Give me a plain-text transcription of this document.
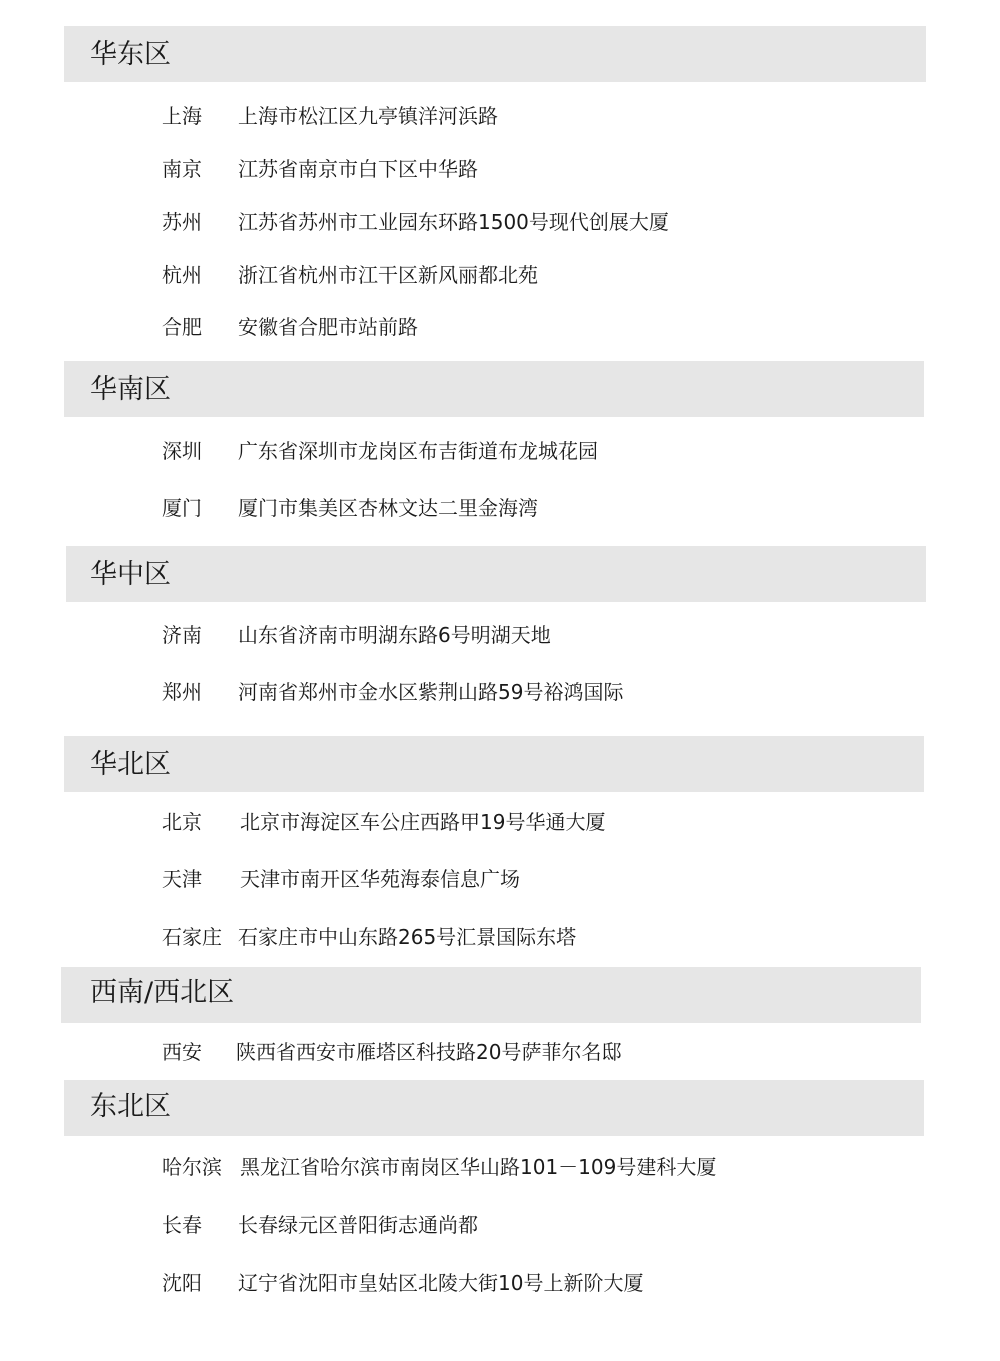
华东区
上海 上海市松江区九亭镇洋河浜路
南京 江苏省南京市白下区中华路
苏州 江苏省苏州市工业园东环路1500号现代创展大厦
杭州 浙江省杭州市江干区新风丽都北苑
合肥 安徽省合肥市站前路
华南区
深圳 广东省深圳市龙岗区布吉街道布龙城花园
厦门 厦门市集美区杏林文达二里金海湾
华中区
济南 山东省济南市明湖东路6号明湖天地
郑州 河南省郑州市金水区紫荆山路59号裕鸿国际
华北区
北京 北京市海淀区车公庄西路甲19号华通大厦
天津 天津市南开区华苑海泰信息广场
石家庄 石家庄市中山东路265号汇景国际东塔
西南/西北区
西安 陕西省西安市雁塔区科技路20号萨菲尔名邸
东北区
哈尔滨 黑龙江省哈尔滨市南岗区华山路101－109号建科大厦
长春 长春绿元区普阳街志通尚都
沈阳 辽宁省沈阳市皇姑区北陵大街10号上新阶大厦
